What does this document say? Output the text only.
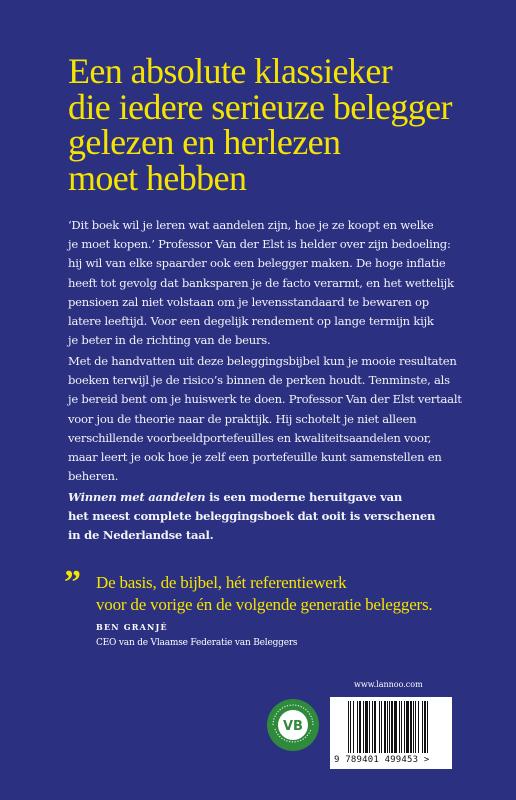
Een absolute klassieker
die iedere serieuze belegger
gelezen en herlezen
moet hebben
‘Dit boek wil je leren wat aandelen zijn, hoe je ze koopt en welke
je moet kopen.’ Professor Van der Elst is helder over zijn bedoeling:
hij wil van elke spaarder ook een belegger maken. De hoge inflatie
heeft tot gevolg dat banksparen je de facto verarmt, en het wettelijk
pensioen zal niet volstaan om je levensstandaard te bewaren op
latere leeftijd. Voor een degelijk rendement op lange termijn kijk
je beter in de richting van de beurs.
Met de handvatten uit deze beleggingsbijbel kun je mooie resultaten
boeken terwijl je de risico’s binnen de perken houdt. Tenminste, als
je bereid bent om je huiswerk te doen. Professor Van der Elst vertaalt
voor jou de theorie naar de praktijk. Hij schotelt je niet alleen
verschillende voorbeeldportefeuilles en kwaliteitsaandelen voor,
maar leert je ook hoe je zelf een portefeuille kunt samenstellen en
beheren.
Winnen met aandelen is een moderne heruitgave van
het meest complete beleggingsboek dat ooit is verschenen
in de Nederlandse taal.
” De basis, de bijbel, hét referentiewerk
voor de vorige én de volgende generatie beleggers.
BEN GRANJÉ
CEO van de Vlaamse Federatie van Beleggers
www.lannoo.com
VB
9 789401 499453 >
